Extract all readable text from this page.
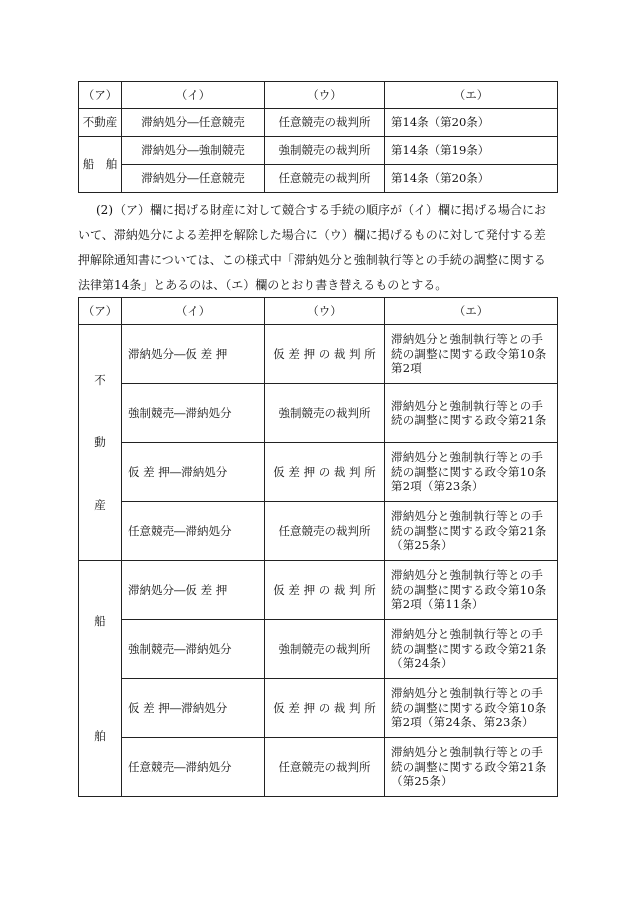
（ア）	（イ）	（ウ）	（エ）
不動産	滞納処分―任意競売	任意競売の裁判所	第14条（第20条）
船　舶	滞納処分―強制競売	強制競売の裁判所	第14条（第19条）
	滞納処分―任意競売	任意競売の裁判所	第14条（第20条）

(2)（ア）欄に掲げる財産に対して競合する手続の順序が（イ）欄に掲げる場合において、滞納処分による差押を解除した場合に（ウ）欄に掲げるものに対して発付する差押解除通知書については、この様式中「滞納処分と強制執行等との手続の調整に関する法律第14条」とあるのは、（エ）欄のとおり書き替えるものとする。

（ア）	（イ）	（ウ）	（エ）

不
動
産	滞納処分―仮 差 押	仮 差 押 の 裁 判 所	滞納処分と強制執行等との手続の調整に関する政令第10条第2項
	強制競売―滞納処分	強制競売の裁判所	滞納処分と強制執行等との手続の調整に関する政令第21条
	仮 差 押―滞納処分	仮 差 押 の 裁 判 所	滞納処分と強制執行等との手続の調整に関する政令第10条第2項（第23条）
	任意競売―滞納処分	任意競売の裁判所	滞納処分と強制執行等との手続の調整に関する政令第21条（第25条）

船
舶	滞納処分―仮 差 押	仮 差 押 の 裁 判 所	滞納処分と強制執行等との手続の調整に関する政令第10条第2項（第11条）
	強制競売―滞納処分	強制競売の裁判所	滞納処分と強制執行等との手続の調整に関する政令第21条（第24条）
	仮 差 押―滞納処分	仮 差 押 の 裁 判 所	滞納処分と強制執行等との手続の調整に関する政令第10条第2項（第24条、第23条）
	任意競売―滞納処分	任意競売の裁判所	滞納処分と強制執行等との手続の調整に関する政令第21条（第25条）
